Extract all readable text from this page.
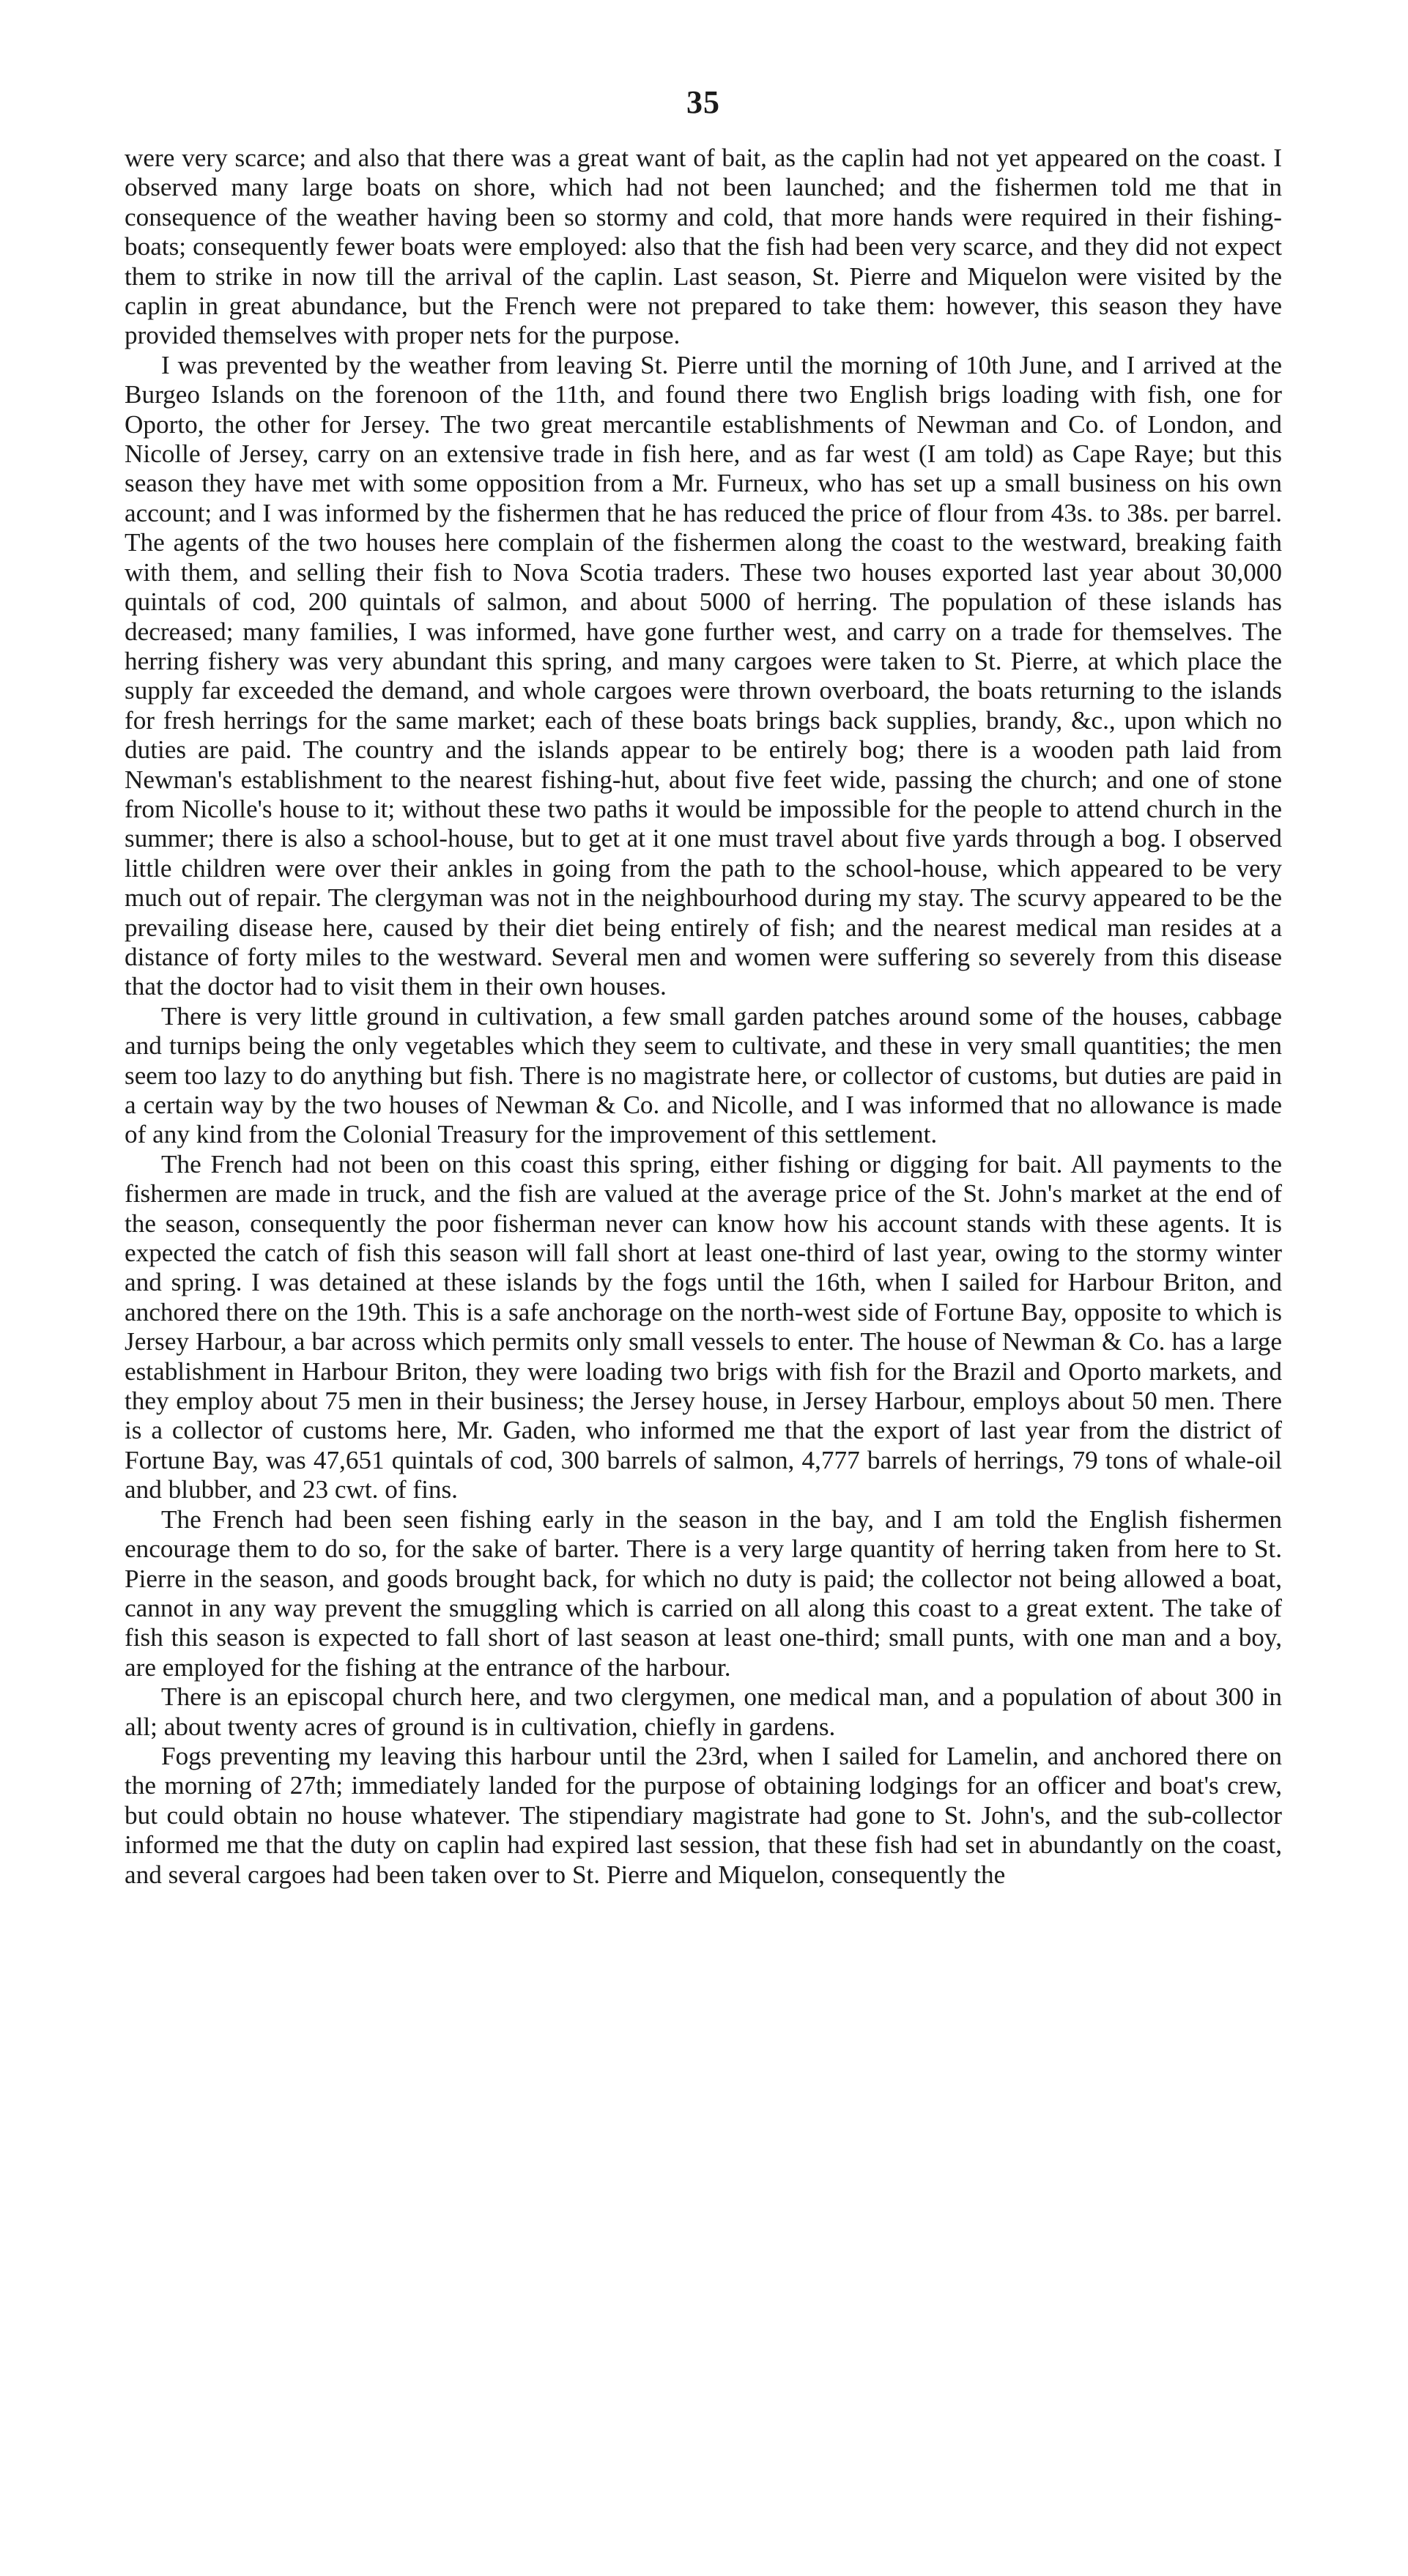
35

were very scarce; and also that there was a great want of bait, as the caplin had not yet appeared on the coast. I observed many large boats on shore, which had not been launched; and the fishermen told me that in consequence of the weather having been so stormy and cold, that more hands were required in their fishing-boats; consequently fewer boats were employed: also that the fish had been very scarce, and they did not expect them to strike in now till the arrival of the caplin. Last season, St. Pierre and Miquelon were visited by the caplin in great abundance, but the French were not prepared to take them: however, this season they have provided themselves with proper nets for the purpose.

I was prevented by the weather from leaving St. Pierre until the morning of 10th June, and I arrived at the Burgeo Islands on the forenoon of the 11th, and found there two English brigs loading with fish, one for Oporto, the other for Jersey. The two great mercantile establishments of Newman and Co. of London, and Nicolle of Jersey, carry on an extensive trade in fish here, and as far west (I am told) as Cape Raye; but this season they have met with some opposition from a Mr. Furneux, who has set up a small business on his own account; and I was informed by the fishermen that he has reduced the price of flour from 43s. to 38s. per barrel. The agents of the two houses here complain of the fishermen along the coast to the westward, breaking faith with them, and selling their fish to Nova Scotia traders. These two houses exported last year about 30,000 quintals of cod, 200 quintals of salmon, and about 5000 of herring. The population of these islands has decreased; many families, I was informed, have gone further west, and carry on a trade for themselves. The herring fishery was very abundant this spring, and many cargoes were taken to St. Pierre, at which place the supply far exceeded the demand, and whole cargoes were thrown overboard, the boats returning to the islands for fresh herrings for the same market; each of these boats brings back supplies, brandy, &c., upon which no duties are paid. The country and the islands appear to be entirely bog; there is a wooden path laid from Newman's establishment to the nearest fishing-hut, about five feet wide, passing the church; and one of stone from Nicolle's house to it; without these two paths it would be impossible for the people to attend church in the summer; there is also a school-house, but to get at it one must travel about five yards through a bog. I observed little children were over their ankles in going from the path to the school-house, which appeared to be very much out of repair. The clergyman was not in the neighbourhood during my stay. The scurvy appeared to be the prevailing disease here, caused by their diet being entirely of fish; and the nearest medical man resides at a distance of forty miles to the westward. Several men and women were suffering so severely from this disease that the doctor had to visit them in their own houses.

There is very little ground in cultivation, a few small garden patches around some of the houses, cabbage and turnips being the only vegetables which they seem to cultivate, and these in very small quantities; the men seem too lazy to do anything but fish. There is no magistrate here, or collector of customs, but duties are paid in a certain way by the two houses of Newman & Co. and Nicolle, and I was informed that no allowance is made of any kind from the Colonial Treasury for the improvement of this settlement.

The French had not been on this coast this spring, either fishing or digging for bait. All payments to the fishermen are made in truck, and the fish are valued at the average price of the St. John's market at the end of the season, consequently the poor fisherman never can know how his account stands with these agents. It is expected the catch of fish this season will fall short at least one-third of last year, owing to the stormy winter and spring. I was detained at these islands by the fogs until the 16th, when I sailed for Harbour Briton, and anchored there on the 19th. This is a safe anchorage on the north-west side of Fortune Bay, opposite to which is Jersey Harbour, a bar across which permits only small vessels to enter. The house of Newman & Co. has a large establishment in Harbour Briton, they were loading two brigs with fish for the Brazil and Oporto markets, and they employ about 75 men in their business; the Jersey house, in Jersey Harbour, employs about 50 men. There is a collector of customs here, Mr. Gaden, who informed me that the export of last year from the district of Fortune Bay, was 47,651 quintals of cod, 300 barrels of salmon, 4,777 barrels of herrings, 79 tons of whale-oil and blubber, and 23 cwt. of fins.

The French had been seen fishing early in the season in the bay, and I am told the English fishermen encourage them to do so, for the sake of barter. There is a very large quantity of herring taken from here to St. Pierre in the season, and goods brought back, for which no duty is paid; the collector not being allowed a boat, cannot in any way prevent the smuggling which is carried on all along this coast to a great extent. The take of fish this season is expected to fall short of last season at least one-third; small punts, with one man and a boy, are employed for the fishing at the entrance of the harbour.

There is an episcopal church here, and two clergymen, one medical man, and a population of about 300 in all; about twenty acres of ground is in cultivation, chiefly in gardens.

Fogs preventing my leaving this harbour until the 23rd, when I sailed for Lamelin, and anchored there on the morning of 27th; immediately landed for the purpose of obtaining lodgings for an officer and boat's crew, but could obtain no house whatever. The stipendiary magistrate had gone to St. John's, and the sub-collector informed me that the duty on caplin had expired last session, that these fish had set in abundantly on the coast, and several cargoes had been taken over to St. Pierre and Miquelon, consequently the
